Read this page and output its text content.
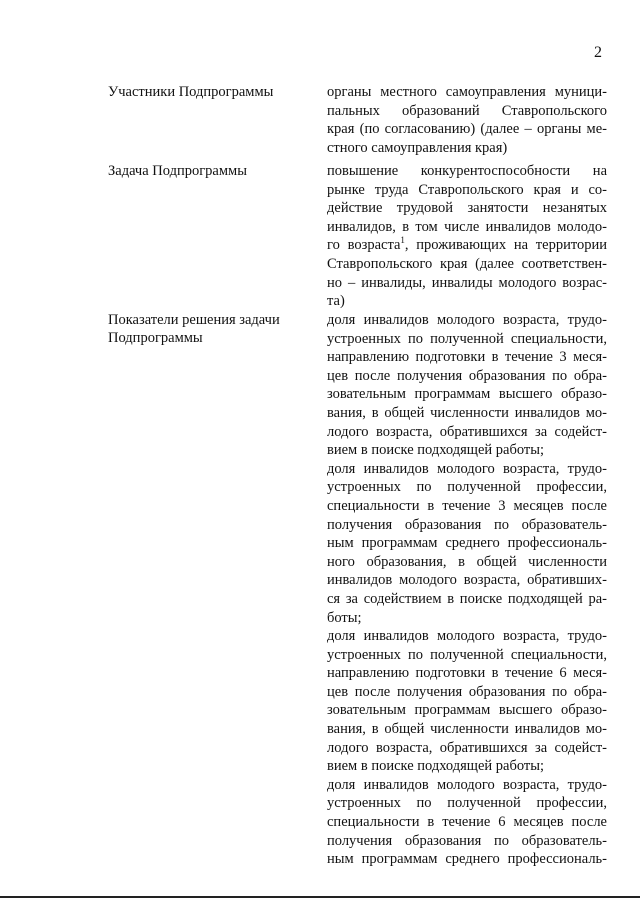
2
Участники Подпрограммы	органы местного самоуправления муници-
пальных образований Ставропольского
края (по согласованию) (далее – органы ме-
стного самоуправления края)
Задача Подпрограммы	повышение конкурентоспособности на
рынке труда Ставропольского края и со-
действие трудовой занятости незанятых
инвалидов, в том числе инвалидов молодо-
го возраста$^1$, проживающих на территории
Ставропольского края (далее соответствен-
но – инвалиды, инвалиды молодого возрас-
та)
Показатели решения задачи
Подпрограммы
доля инвалидов молодого возраста, трудо-
устроенных по полученной специальности,
направлению подготовки в течение 3 меся-
цев после получения образования по обра-
зовательным программам высшего образо-
вания, в общей численности инвалидов мо-
лодого возраста, обратившихся за содейст-
вием в поиске подходящей работы;
доля инвалидов молодого возраста, трудо-
устроенных по полученной профессии,
специальности в течение 3 месяцев после
получения образования по образователь-
ным программам среднего профессиональ-
ного образования, в общей численности
инвалидов молодого возраста, обративших-
ся за содействием в поиске подходящей ра-
боты;
доля инвалидов молодого возраста, трудо-
устроенных по полученной специальности,
направлению подготовки в течение 6 меся-
цев после получения образования по обра-
зовательным программам высшего образо-
вания, в общей численности инвалидов мо-
лодого возраста, обратившихся за содейст-
вием в поиске подходящей работы;
доля инвалидов молодого возраста, трудо-
устроенных по полученной профессии,
специальности в течение 6 месяцев после
получения образования по образователь-
ным программам среднего профессиональ-
